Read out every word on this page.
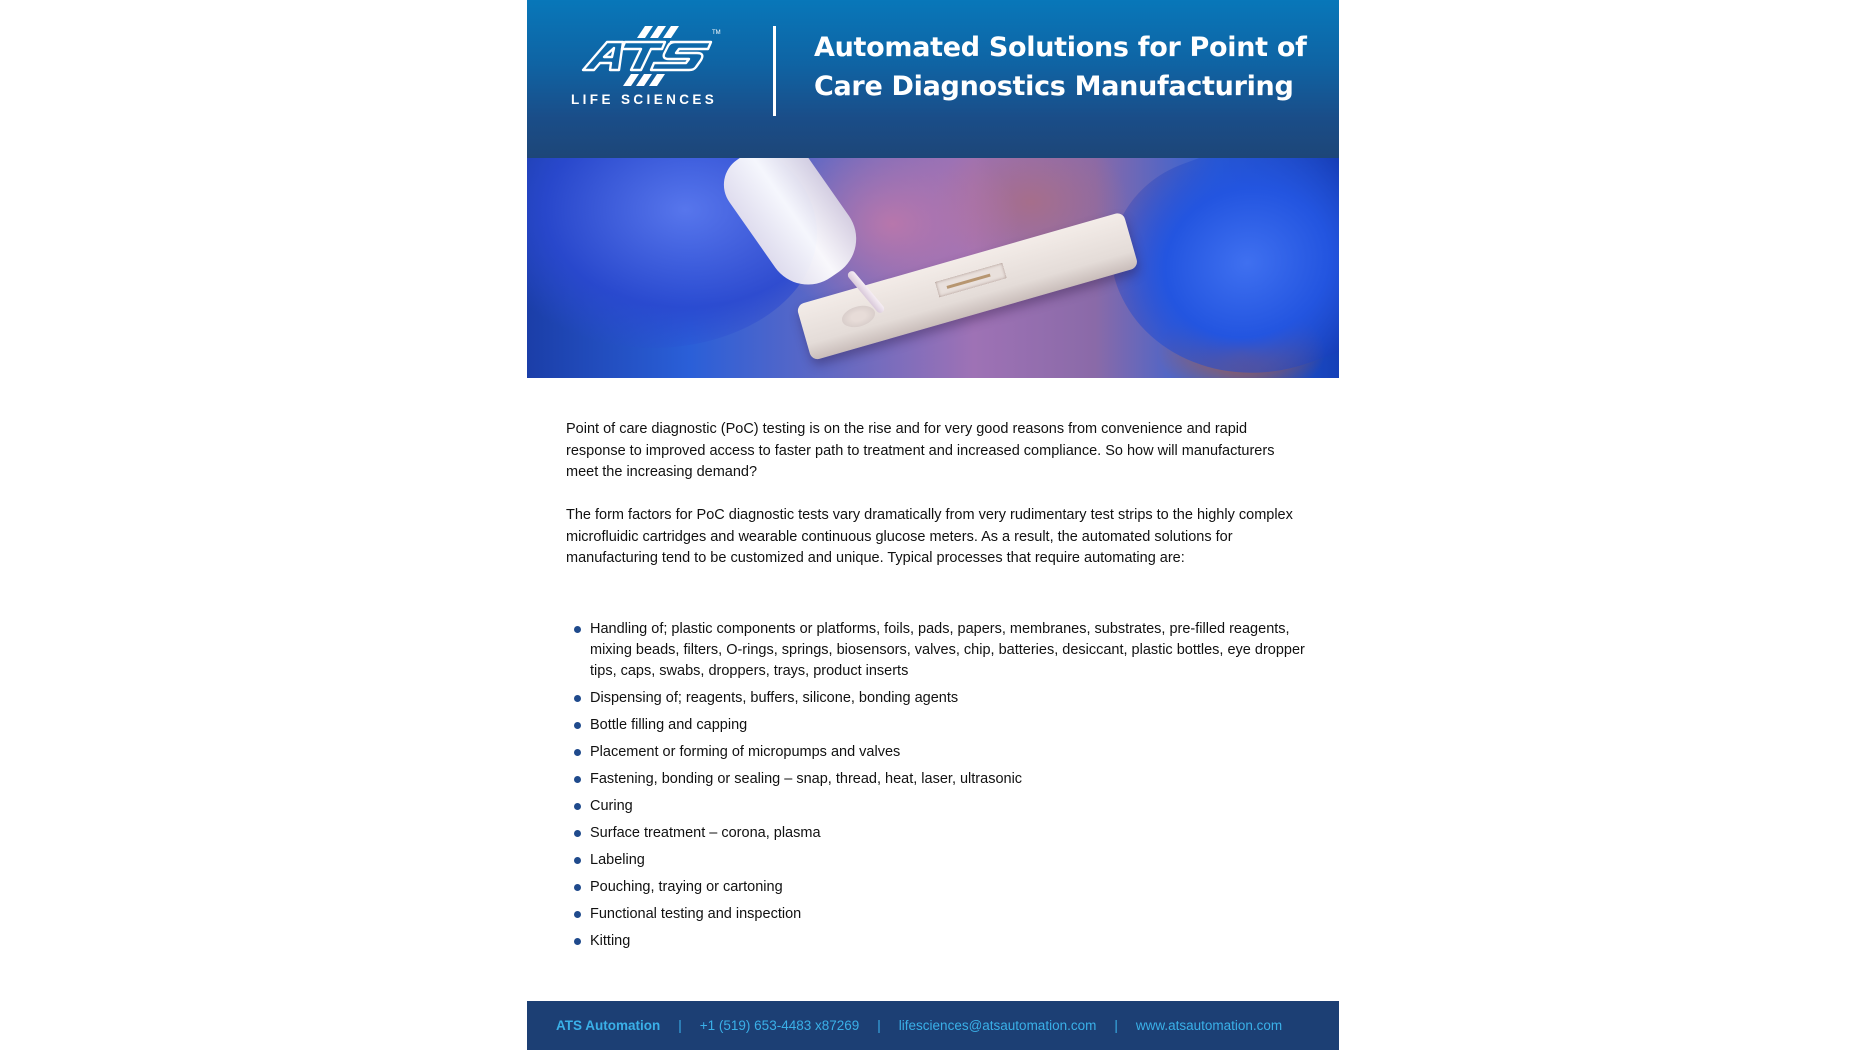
TM
LIFE SCIENCES
Automated Solutions for Point of
Care Diagnostics Manufacturing

Point of care diagnostic (PoC) testing is on the rise and for very good reasons from convenience and rapid response to improved access to faster path to treatment and increased compliance. So how will manufacturers meet the increasing demand?

The form factors for PoC diagnostic tests vary dramatically from very rudimentary test strips to the highly complex microfluidic cartridges and wearable continuous glucose meters. As a result, the automated solutions for manufacturing tend to be customized and unique. Typical processes that require automating are:

Handling of; plastic components or platforms, foils, pads, papers, membranes, substrates, pre-filled reagents, mixing beads, filters, O-rings, springs, biosensors, valves, chip, batteries, desiccant, plastic bottles, eye dropper tips, caps, swabs, droppers, trays, product inserts
Dispensing of; reagents, buffers, silicone, bonding agents
Bottle filling and capping
Placement or forming of micropumps and valves
Fastening, bonding or sealing – snap, thread, heat, laser, ultrasonic
Curing
Surface treatment – corona, plasma
Labeling
Pouching, traying or cartoning
Functional testing and inspection
Kitting
ATS Automation	|	+1 (519) 653-4483 x87269	|	lifesciences@atsautomation.com	|	www.atsautomation.com
